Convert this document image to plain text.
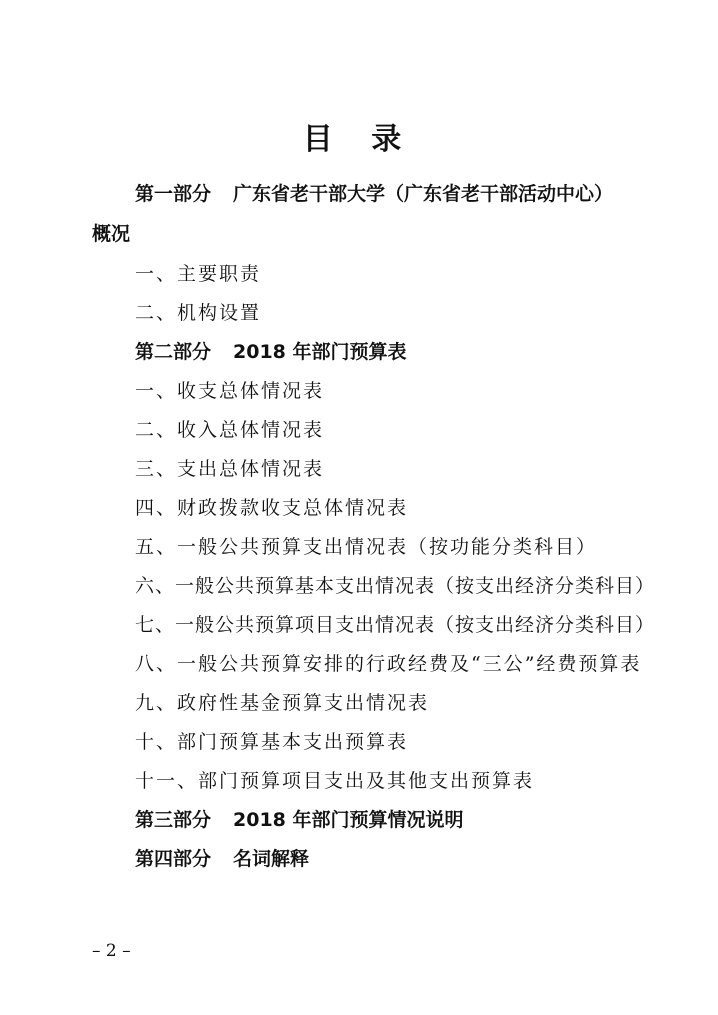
目 录
第一部分 广东省老干部大学（广东省老干部活动中心）
概况
一、主要职责
二、机构设置
第二部分 2018 年部门预算表
一、收支总体情况表
二、收入总体情况表
三、支出总体情况表
四、财政拨款收支总体情况表
五、一般公共预算支出情况表（按功能分类科目）
六、一般公共预算基本支出情况表（按支出经济分类科目）
七、一般公共预算项目支出情况表（按支出经济分类科目）
八、一般公共预算安排的行政经费及“三公”经费预算表
九、政府性基金预算支出情况表
十、部门预算基本支出预算表
十一、部门预算项目支出及其他支出预算表
第三部分 2018 年部门预算情况说明
第四部分 名词解释
– 2 –
